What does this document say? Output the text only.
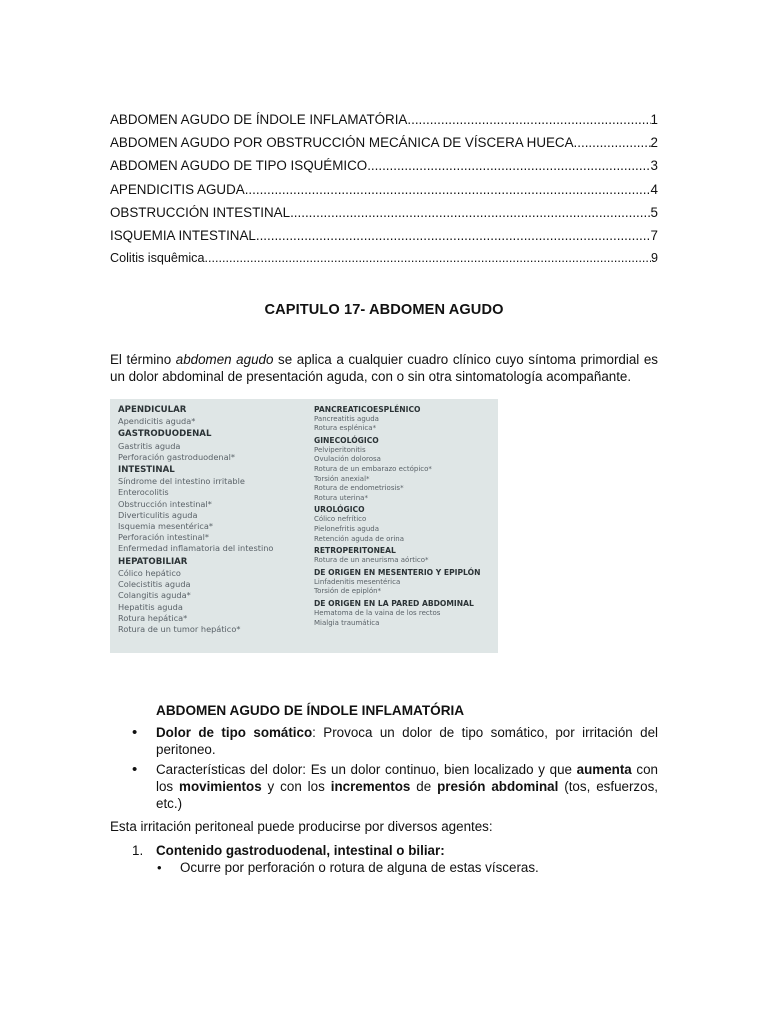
ABDOMEN AGUDO DE ÍNDOLE INFLAMATÓRIA .....	1
ABDOMEN AGUDO POR OBSTRUCCIÓN MECÁNICA DE VÍSCERA HUECA .....	2
ABDOMEN AGUDO DE TIPO ISQUÉMICO .....	3
APENDICITIS AGUDA .....	4
OBSTRUCCIÓN INTESTINAL .....	5
ISQUEMIA INTESTINAL .....	7
Colitis isquêmica .....	9
CAPITULO 17- ABDOMEN AGUDO

El término abdomen agudo se aplica a cualquier cuadro clínico cuyo síntoma primordial es un dolor abdominal de presentación aguda, con o sin otra sintomatología acompañante.

APENDICULAR
Apendicitis aguda*
GASTRODUODENAL
Gastritis aguda
Perforación gastroduodenal*
INTESTINAL
Síndrome del intestino irritable
Enterocolitis
Obstrucción intestinal*
Diverticulitis aguda
Isquemia mesentérica*
Perforación intestinal*
Enfermedad inflamatoria del intestino
HEPATOBILIAR
Cólico hepático
Colecistitis aguda
Colangitis aguda*
Hepatitis aguda
Rotura hepática*
Rotura de un tumor hepático*
PANCREATICOESPLÉNICO
Pancreatitis aguda
Rotura esplénica*
GINECOLÓGICO
Pelviperitonitis
Ovulación dolorosa
Rotura de un embarazo ectópico*
Torsión anexial*
Rotura de endometriosis*
Rotura uterina*
UROLÓGICO
Cólico nefrítico
Pielonefritis aguda
Retención aguda de orina
RETROPERITONEAL
Rotura de un aneurisma aórtico*
DE ORIGEN EN MESENTERIO Y EPIPLÓN
Linfadenitis mesentérica
Torsión de epiplón*
DE ORIGEN EN LA PARED ABDOMINAL
Hematoma de la vaina de los rectos
Mialgia traumática
ABDOMEN AGUDO DE ÍNDOLE INFLAMATÓRIA
• Dolor de tipo somático: Provoca un dolor de tipo somático, por irritación del peritoneo.
• Características del dolor: Es un dolor continuo, bien localizado y que aumenta con los movimientos y con los incrementos de presión abdominal (tos, esfuerzos, etc.)
Esta irritación peritoneal puede producirse por diversos agentes:
1. Contenido gastroduodenal, intestinal o biliar:
• Ocurre por perforación o rotura de alguna de estas vísceras.
